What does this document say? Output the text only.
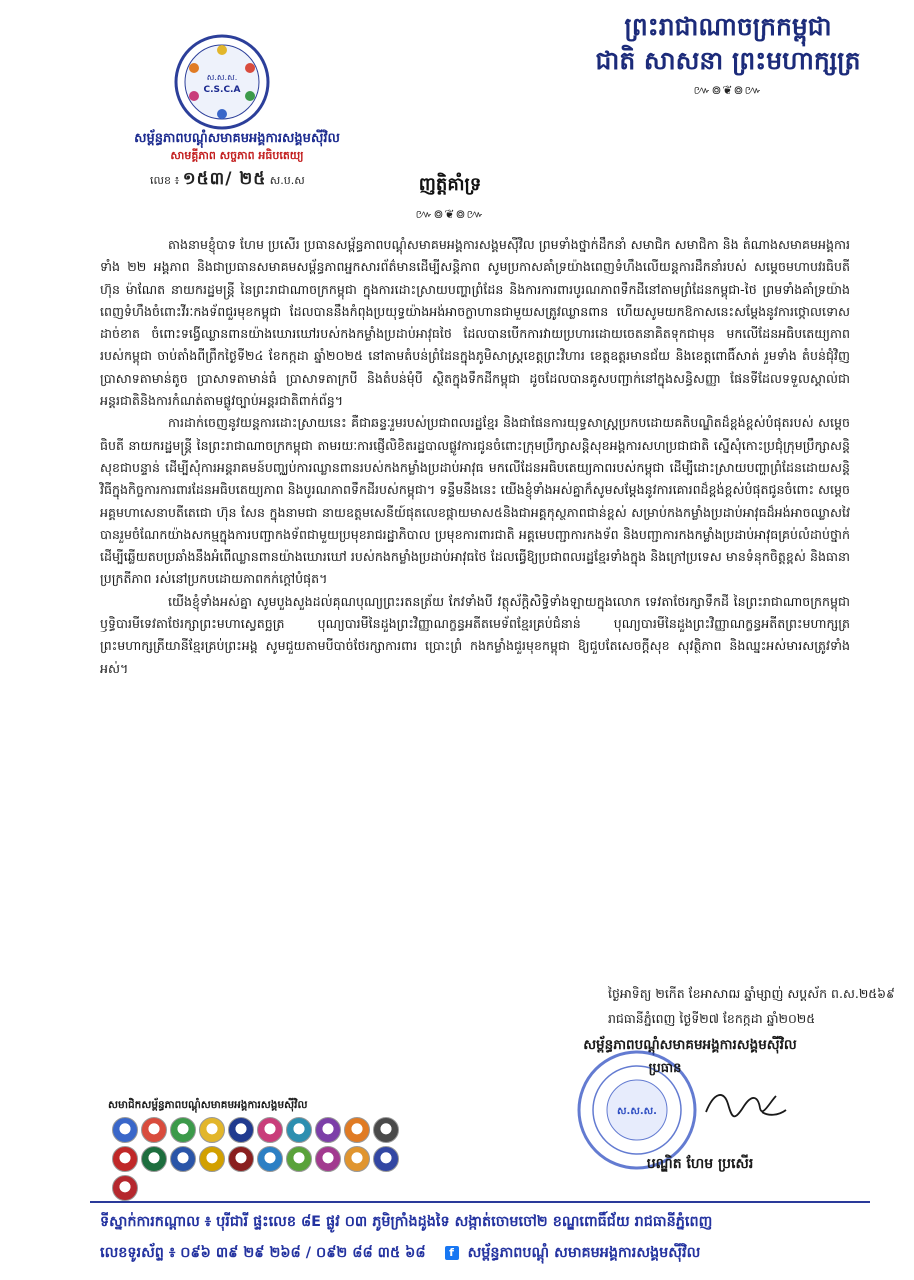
ស.ស.ស.
C.S.C.A
សម្ព័ន្ធភាពបណ្តុំសមាគមអង្គការសង្គមស៊ីវិល
សាមគ្គីភាព សច្ចភាព អធិបតេយ្យ
លេខ ៖ ១៥៣/ ២៥ ស.ប.ស
ព្រះរាជាណាចក្រកម្ពុជា
ជាតិ សាសនា ព្រះមហាក្សត្រ
៚៙❦៙៚
ញត្តិគាំទ្រ
៚៙❦៙៚

តាងនាមខ្ញុំបាទ ហែម ប្រសើរ ប្រធានសម្ព័ន្ធភាពបណ្តុំសមាគមអង្គការសង្គមស៊ីវិល ព្រមទាំងថ្នាក់ដឹកនាំ សមាជិក សមាជិកា និង តំណាងសមាគមអង្គការទាំង ២២ អង្គភាព និងជាប្រធានសមាគមសម្ព័ន្ធភាពអ្នកសារព័ត៌មានដើម្បីសន្តិភាព សូមប្រកាសគាំទ្រយ៉ាងពេញទំហឹងលើយន្តការដឹកនាំរបស់ សម្តេចមហាបវរធិបតី ហ៊ុន ម៉ាណែត នាយករដ្ឋមន្ត្រី នៃព្រះរាជាណាចក្រកម្ពុជា ក្នុងការដោះស្រាយបញ្ហាព្រំដែន និងការការពារបូរណភាពទឹកដីនៅតាមព្រំដែនកម្ពុជា-ថៃ ព្រមទាំងគាំទ្រយ៉ាងពេញទំហឹងចំពោះវីរៈកងទ័ពជួរមុខកម្ពុជា ដែលបាននឹងកំពុងប្រយុទ្ធយ៉ាងអង់អាចក្លាហានជាមួយសត្រូវឈ្លានពាន ហើយសូមយកឱកាសនេះសម្តែងនូវការថ្កោលទោសដាច់ខាត ចំពោះទង្វើឈ្លានពានយ៉ាងឃោរឃៅរបស់កងកម្លាំងប្រដាប់អាវុធថៃ ដែលបានបើកការវាយប្រហារដោយចេតនាគិតទុកជាមុន មកលើដែនអធិបតេយ្យភាពរបស់កម្ពុជា ចាប់តាំងពីព្រឹកថ្ងៃទី២៤ ខែកក្កដា ឆ្នាំ២០២៥ នៅតាមតំបន់ព្រំដែនក្នុងភូមិសាស្ត្រខេត្តព្រះវិហារ ខេត្តឧត្តរមានជ័យ និងខេត្តពោធិ៍សាត់ រួមទាំង តំបន់ជុំវិញប្រាសាទតាមាន់តូច ប្រាសាទតាមាន់ធំ ប្រាសាទតាក្របី និងតំបន់មុំបី ស្ថិតក្នុងទឹកដីកម្ពុជា ដូចដែលបានគូសបញ្ជាក់នៅក្នុងសន្ធិសញ្ញា ផែនទីដែលទទួលស្គាល់ជាអន្តរជាតិនិងការកំណត់តាមផ្លូវច្បាប់អន្តរជាតិពាក់ព័ន្ធ។

ការដាក់ចេញនូវយន្តការដោះស្រាយនេះ គឺជាឆន្ទៈរួមរបស់ប្រជាពលរដ្ឋខ្មែរ និងជាផែនការយុទ្ធសាស្ត្រប្រកបដោយគតិបណ្ឌិតដ៏ខ្ពង់ខ្ពស់បំផុតរបស់ សម្តេចធិបតី នាយករដ្ឋមន្ត្រី នៃព្រះរាជាណាចក្រកម្ពុជា តាមរយៈការផ្ញើលិខិតរដ្ឋបាលផ្លូវការជូនចំពោះក្រុមប្រឹក្សាសន្តិសុខអង្គការសហប្រជាជាតិ ស្នើសុំកោះប្រជុំក្រុមប្រឹក្សាសន្តិសុខជាបន្ទាន់ ដើម្បីសុំការអន្តរាគមន៍បញ្ឈប់ការឈ្លានពានរបស់កងកម្លាំងប្រដាប់អាវុធ មកលើដែនអធិបតេយ្យភាពរបស់កម្ពុជា ដើម្បីដោះស្រាយបញ្ហាព្រំដែនដោយសន្តិវិធីក្នុងកិច្ចការការពារដែនអធិបតេយ្យភាព និងបូរណភាពទឹកដីរបស់កម្ពុជា។ ទន្ទឹមនឹងនេះ យើងខ្ញុំទាំងអស់គ្នាក៏សូមសម្តែងនូវការគោរពដ៏ខ្ពង់ខ្ពស់បំផុតជូនចំពោះ សម្តេចអគ្គមហាសេនាបតីតេជោ ហ៊ុន សែន ក្នុងនាមជា នាយឧត្តមសេនីយ៍ផុតលេខផ្កាយមាស៥និងជាអគ្គកុស្ថភាពជាន់ខ្ពស់ សម្រាប់កងកម្លាំងប្រដាប់អាវុធដ៏អង់អាចឈ្លាសវៃ បានរួមចំណែកយ៉ាងសកម្មក្នុងការបញ្ជាកងទ័ពជាមួយប្រមុខរាជរដ្ឋាភិបាល ប្រមុខការពារជាតិ អគ្គមេបញ្ជាការកងទ័ព និងបញ្ជាការកងកម្លាំងប្រដាប់អាវុធគ្រប់លំដាប់ថ្នាក់ ដើម្បីឆ្លើយតបប្រឆាំងនឹងអំពើឈ្លានពានយ៉ាងឃោរឃៅ របស់កងកម្លាំងប្រដាប់អាវុធថៃ ដែលធ្វើឱ្យប្រជាពលរដ្ឋខ្មែរទាំងក្នុង និងក្រៅប្រទេស មានទំនុកចិត្តខ្ពស់ និងធានាប្រក្រតីភាព រស់នៅប្រកបដោយភាពកក់ក្តៅបំផុត។

យើងខ្ញុំទាំងអស់គ្នា សូមបួងសួងដល់គុណបុណ្យព្រះរតនត្រ័យ កែវទាំងបី វត្ថុស័ក្តិសិទ្ធិទាំងឡាយក្នុងលោក ទេវតាថែរក្សាទឹកដី នៃព្រះរាជាណាចក្រកម្ពុជាឫទ្ធិបារមីទេវតាថែរក្សាព្រះមហាស្វេតច្ឆត្រ បុណ្យបារមីនៃដួងព្រះវិញ្ញាណក្ខន្ធអតីតមេទ័ពខ្មែរគ្រប់ជំនាន់ បុណ្យបារមីនៃដួងព្រះវិញ្ញាណក្ខន្ធអតីតព្រះមហាក្សត្រ ព្រះមហាក្សត្រីយានីខ្មែរគ្រប់ព្រះអង្គ សូមជួយតាមបីបាច់ថែរក្សាការពារ ប្រោះព្រំ កងកម្លាំងជួរមុខកម្ពុជា ឱ្យជួបតែសេចក្តីសុខ សុវត្ថិភាព និងឈ្នះអស់មារសត្រូវទាំងអស់។

ថ្ងៃអាទិត្យ ២កើត ខែអាសាឍ ឆ្នាំម្សាញ់ សប្តស័ក ព.ស.២៥៦៩
រាជធានីភ្នំពេញ ថ្ងៃទី២៧ ខែកក្កដា ឆ្នាំ២០២៥
សម្ព័ន្ធភាពបណ្តុំសមាគមអង្គការសង្គមស៊ីវិល
ស.ស.ស.
ប្រធាន
បណ្ឌិត ហែម ប្រសើរ
សមាជិកសម្ព័ន្ធភាពបណ្តុំសមាគមអង្គការសង្គមស៊ីវិល
ទីស្នាក់ការកណ្តាល ៖ បុរីជារី ផ្ទះលេខ ៨E ផ្លូវ ០៣ ភូមិក្រាំងដូងទៃ សង្កាត់ចោមចៅ២ ខណ្ឌពោធិ៍ជ័យ រាជធានីភ្នំពេញ
លេខទូរស័ព្ទ ៖ ០៩៦ ៣៩ ២៩ ២៦៨ / ០៩២ ៨៨ ៣៥ ៦៨ f សម្ព័ន្ធភាពបណ្តុំ សមាគមអង្គការសង្គមស៊ីវិល
